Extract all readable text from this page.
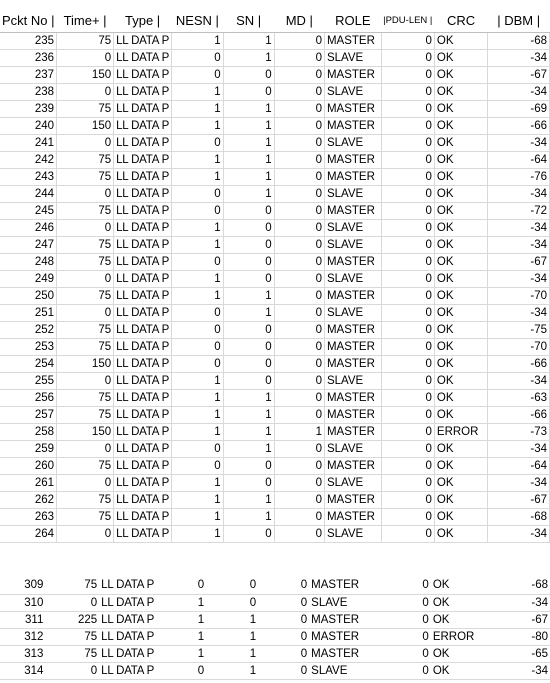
Pckt No |	Time+ |	Type |	NESN |	SN |	MD |	ROLE	|PDU-LEN |	CRC	| DBM |
235	75	LL DATA P	1	1	0	MASTER	0	OK	-68
236	0	LL DATA P	0	1	0	SLAVE	0	OK	-34
237	150	LL DATA P	0	0	0	MASTER	0	OK	-67
238	0	LL DATA P	1	0	0	SLAVE	0	OK	-34
239	75	LL DATA P	1	1	0	MASTER	0	OK	-69
240	150	LL DATA P	1	1	0	MASTER	0	OK	-66
241	0	LL DATA P	0	1	0	SLAVE	0	OK	-34
242	75	LL DATA P	1	1	0	MASTER	0	OK	-64
243	75	LL DATA P	1	1	0	MASTER	0	OK	-76
244	0	LL DATA P	0	1	0	SLAVE	0	OK	-34
245	75	LL DATA P	0	0	0	MASTER	0	OK	-72
246	0	LL DATA P	1	0	0	SLAVE	0	OK	-34
247	75	LL DATA P	1	0	0	SLAVE	0	OK	-34
248	75	LL DATA P	0	0	0	MASTER	0	OK	-67
249	0	LL DATA P	1	0	0	SLAVE	0	OK	-34
250	75	LL DATA P	1	1	0	MASTER	0	OK	-70
251	0	LL DATA P	0	1	0	SLAVE	0	OK	-34
252	75	LL DATA P	0	0	0	MASTER	0	OK	-75
253	75	LL DATA P	0	0	0	MASTER	0	OK	-70
254	150	LL DATA P	0	0	0	MASTER	0	OK	-66
255	0	LL DATA P	1	0	0	SLAVE	0	OK	-34
256	75	LL DATA P	1	1	0	MASTER	0	OK	-63
257	75	LL DATA P	1	1	0	MASTER	0	OK	-66
258	150	LL DATA P	1	1	1	MASTER	0	ERROR	-73
259	0	LL DATA P	0	1	0	SLAVE	0	OK	-34
260	75	LL DATA P	0	0	0	MASTER	0	OK	-64
261	0	LL DATA P	1	0	0	SLAVE	0	OK	-34
262	75	LL DATA P	1	1	0	MASTER	0	OK	-67
263	75	LL DATA P	1	1	0	MASTER	0	OK	-68
264	0	LL DATA P	1	0	0	SLAVE	0	OK	-34
309	75	LL DATA P	0	0	0	MASTER	0	OK	-68
310	0	LL DATA P	1	0	0	SLAVE	0	OK	-34
311	225	LL DATA P	1	1	0	MASTER	0	OK	-67
312	75	LL DATA P	1	1	0	MASTER	0	ERROR	-80
313	75	LL DATA P	1	1	0	MASTER	0	OK	-65
314	0	LL DATA P	0	1	0	SLAVE	0	OK	-34
